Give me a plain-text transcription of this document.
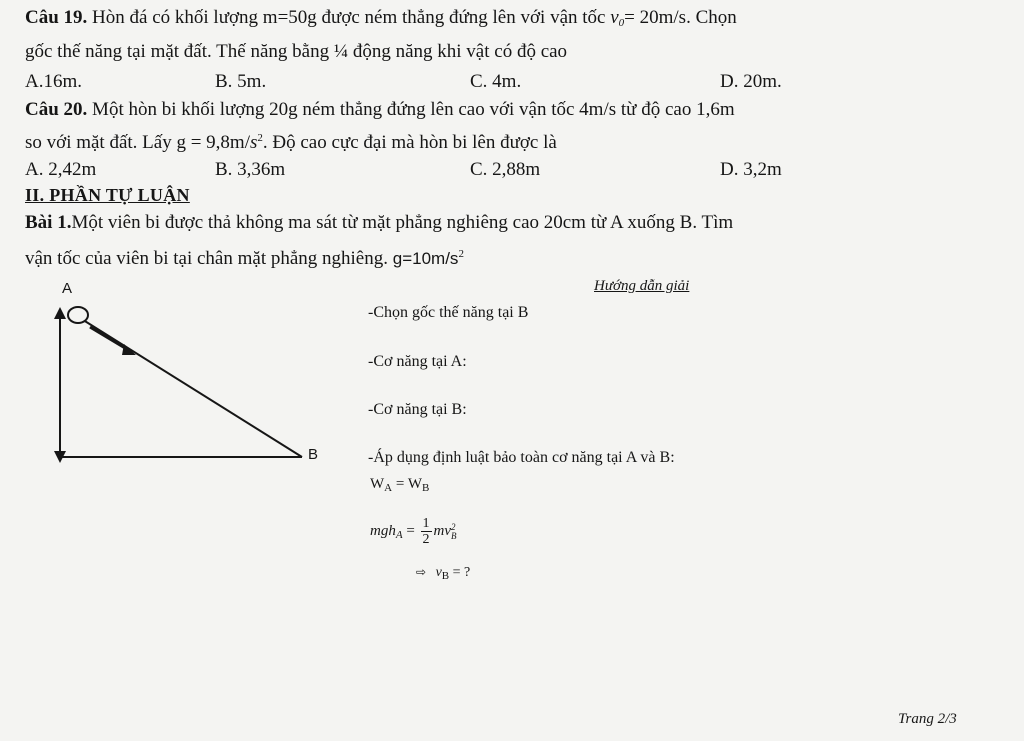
Câu 19. Hòn đá có khối lượng m=50g được ném thẳng đứng lên với vận tốc $v_0= 20m/s$. Chọn
gốc thế năng tại mặt đất. Thế năng bằng ¼ động năng khi vật có độ cao
A.16m.	B. 5m.	C. 4m.	D. 20m.
Câu 20. Một hòn bi khối lượng 20g ném thẳng đứng lên cao với vận tốc 4m/s từ độ cao 1,6m
so với mặt đất. Lấy $g = 9,8m/s^2$. Độ cao cực đại mà hòn bi lên được là
A. 2,42m	B. 3,36m	C. 2,88m	D. 3,2m
II. PHẦN TỰ LUẬN
Bài 1.Một viên bi được thả không ma sát từ mặt phẳng nghiêng cao 20cm từ A xuống B. Tìm
vận tốc của viên bi tại chân mặt phẳng nghiêng. $g=10m/s^2$
A
B
Hướng dẫn giải
-Chọn gốc thế năng tại B
-Cơ năng tại A:
-Cơ năng tại B:
-Áp dụng định luật bảo toàn cơ năng tại A và B:
$W_A = W_B$
$mgh_A = \frac{1}{2}$ mv 2
B
⇨ $v_B$ = ?
Trang 2/3
